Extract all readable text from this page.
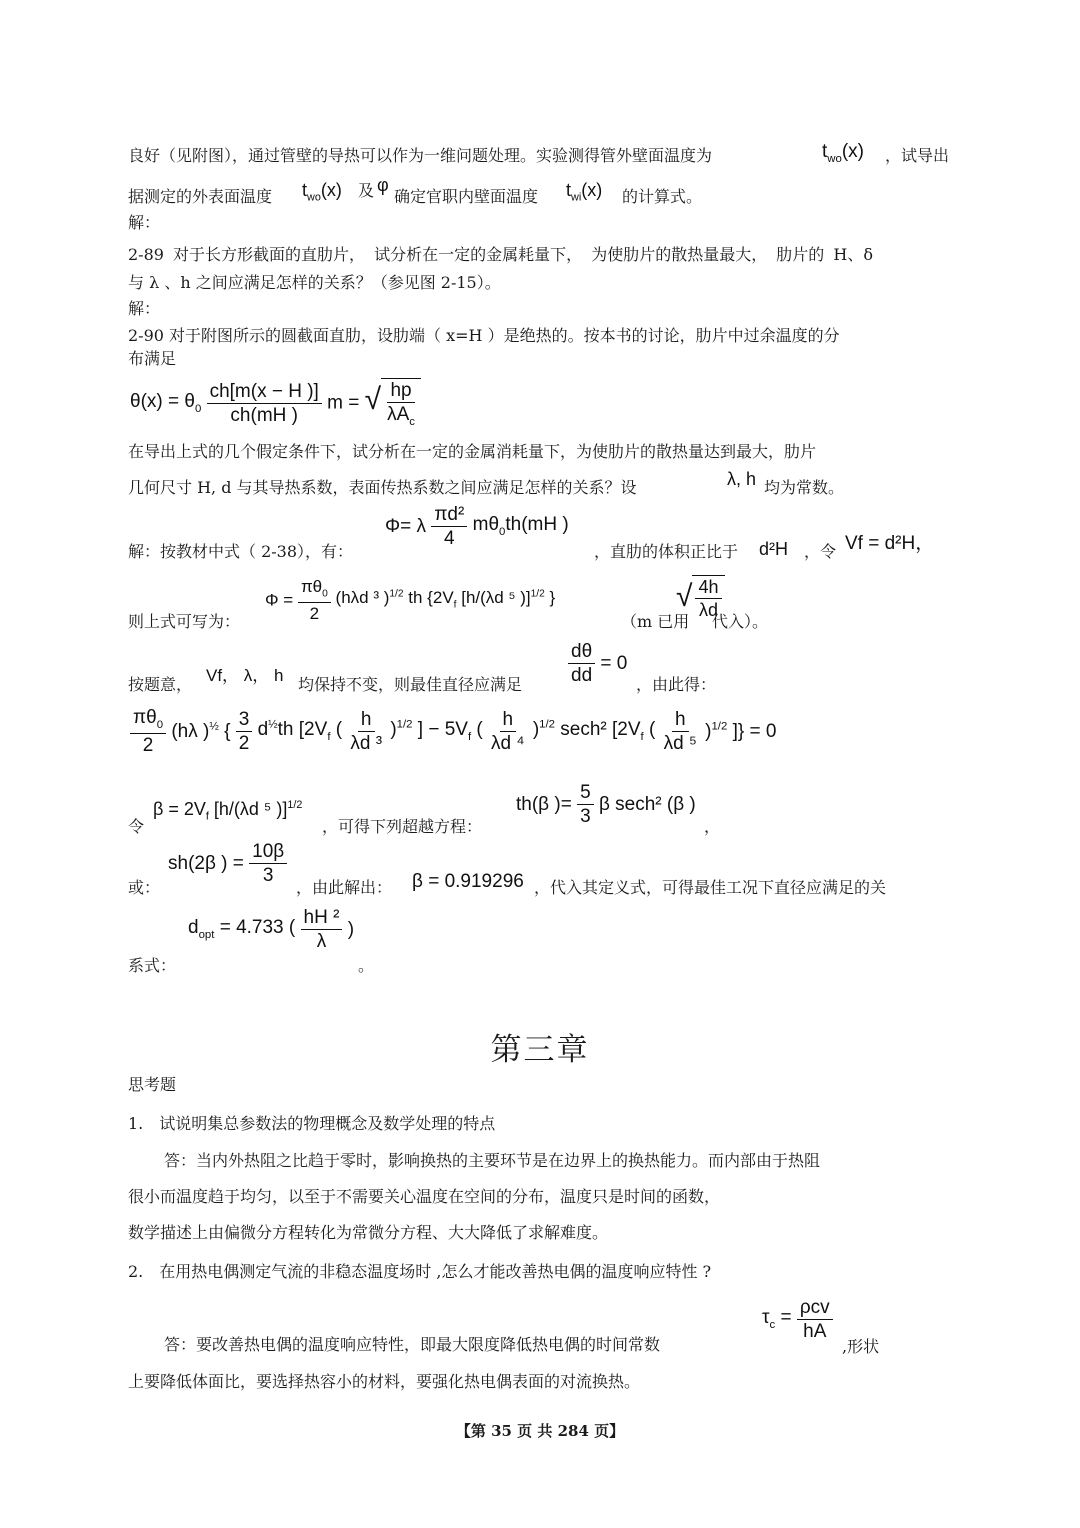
良好（见附图），通过管壁的导热可以作为一维问题处理。实验测得管外壁面温度为	$t_{wo}(x)$ ，试导出
据测定的外表面温度 $t_{wo}(x)$ 及 φ
确定官职内壁面温度 $t_{wi}(x)$ 的计算式。
解：
2-89 对于长方形截面的直肋片， 试分析在一定的金属耗量下， 为使肋片的散热量最大， 肋片的 H、δ
与 λ 、h 之间应满足怎样的关系？（参见图 2-15）。
解：
2-90 对于附图所示的圆截面直肋，设肋端（ x=H ）是绝热的。按本书的讨论，肋片中过余温度的分
布满足
$\theta(x) = \theta_0 \frac{ch[m(x - H )]}{ch(mH )}$ m = √ $\frac{hp}{\lambda A_c}$
在导出上式的几个假定条件下，试分析在一定的金属消耗量下，为使肋片的散热量达到最大，肋片
几何尺寸 H, d 与其导热系数，表面传热系数之间应满足怎样的关系？设	λ, h 均为常数。
解：按教材中式（ 2-38），有：
Φ= λ $\frac{\text{πd²}}{4} m\theta_0th(mH$ )
，直肋的体积正比于 d²H ，令 Vf = d²H，
则上式可写为：
$\Phi = \frac{\pi\theta_0}{2} (h\lambda d$ ³ )$^{1/2}$ th {$2V_f$ [h/(λd ⁵ )]$^{1/2}$ }
（m 已用
√ $\frac{4h}{\lambda d}$
代入）。
按题意， Vf， λ， h 均保持不变，则最佳直径应满足 $\frac{d\theta}{dd} = 0$
，由此得：
$\frac{\pi\theta_0}{2} (h\lambda$ )$^{\frac{1}{2}}$ { $\frac{3}{2} d^{\frac{1}{2}}th$ [$2V_f$ ( $\frac{h}{\text{λd ³}} )^{1/2}$ ] − $5V_f$ ( $\frac{h}{\text{λd ⁴}} )^{1/2}$ sech² [$2V_f$ ( $\frac{h}{\text{λd ⁵}} )^{1/2}$ ]} = 0
令
$\beta = 2V_f$ [h/(λd ⁵ )]$^{1/2}$
，可得下列超越方程：
th(β )= $\frac{5}{3}$ β sech² (β )
，
或：
sh(2β ) = $\frac{10\beta}{3}$
，由此解出： β = 0.919296 ，代入其定义式，可得最佳工况下直径应满足的关
系式：
$d_{opt} = 4.733$ ( $\frac{\text{hH ²}}{\lambda}$ )
。
第三章
思考题
1. 试说明集总参数法的物理概念及数学处理的特点
答：当内外热阻之比趋于零时，影响换热的主要环节是在边界上的换热能力。而内部由于热阻
很小而温度趋于均匀，以至于不需要关心温度在空间的分布，温度只是时间的函数，
数学描述上由偏微分方程转化为常微分方程、大大降低了求解难度。
2. 在用热电偶测定气流的非稳态温度场时 ,怎么才能改善热电偶的温度响应特性 ?
答：要改善热电偶的温度响应特性，即最大限度降低热电偶的时间常数
$\tau_c = \frac{\text{ρcv}}{hA}$
,形状
上要降低体面比，要选择热容小的材料，要强化热电偶表面的对流换热。
【第 35 页 共 284 页】
